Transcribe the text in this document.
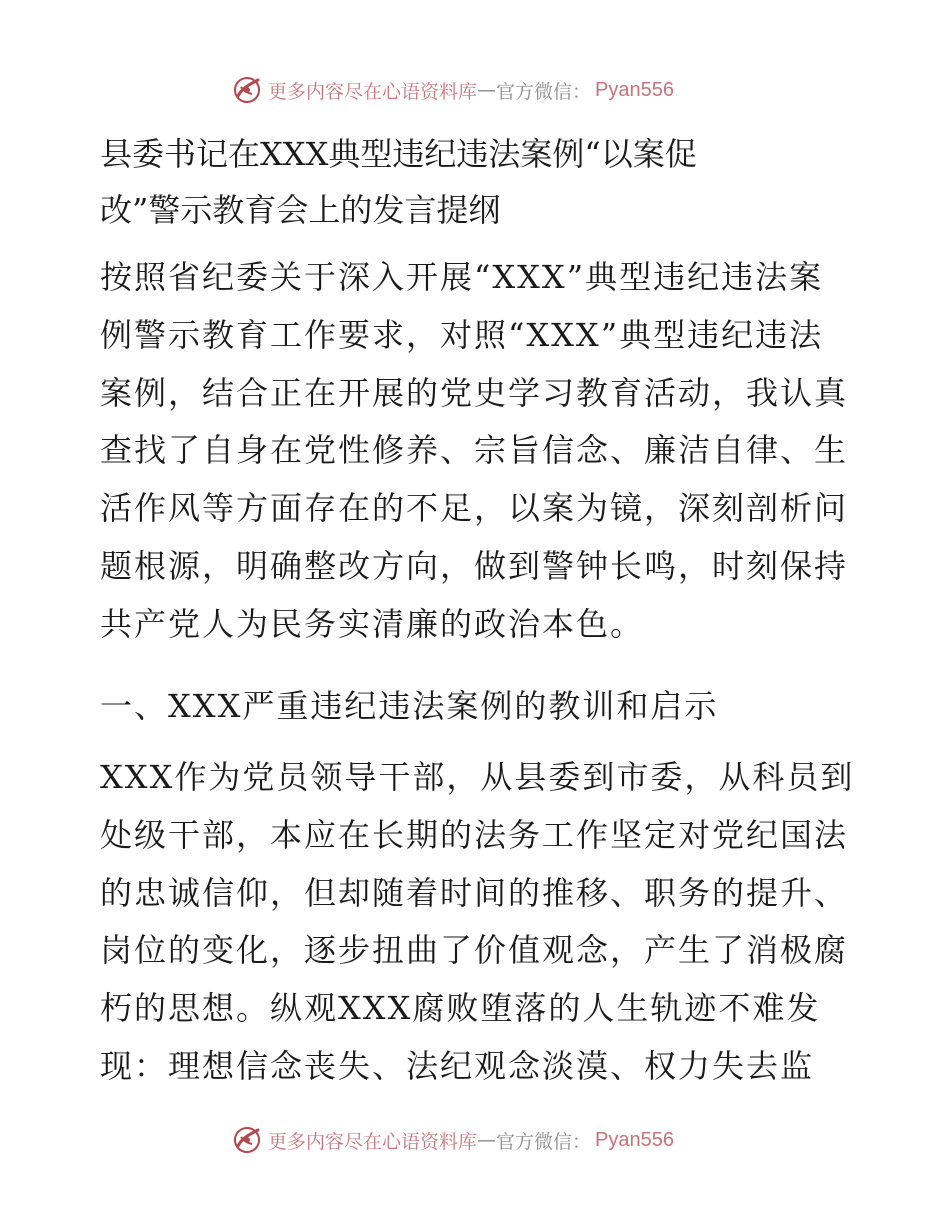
更多内容尽在心语资料库 — 官方微信： Pyan556
县委书记在XXX典型违纪违法案例“以案促
改”警示教育会上的发言提纲
按照省纪委关于深入开展“XXX”典型违纪违法案
例警示教育工作要求，对照“XXX”典型违纪违法
案例，结合正在开展的党史学习教育活动，我认真
查找了自身在党性修养、宗旨信念、廉洁自律、生
活作风等方面存在的不足，以案为镜，深刻剖析问
题根源，明确整改方向，做到警钟长鸣，时刻保持
共产党人为民务实清廉的政治本色。
一、XXX严重违纪违法案例的教训和启示
XXX作为党员领导干部，从县委到市委，从科员到
处级干部，本应在长期的法务工作坚定对党纪国法
的忠诚信仰，但却随着时间的推移、职务的提升、
岗位的变化，逐步扭曲了价值观念，产生了消极腐
朽的思想。纵观XXX腐败堕落的人生轨迹不难发
现：理想信念丧失、法纪观念淡漠、权力失去监
更多内容尽在心语资料库 — 官方微信： Pyan556
